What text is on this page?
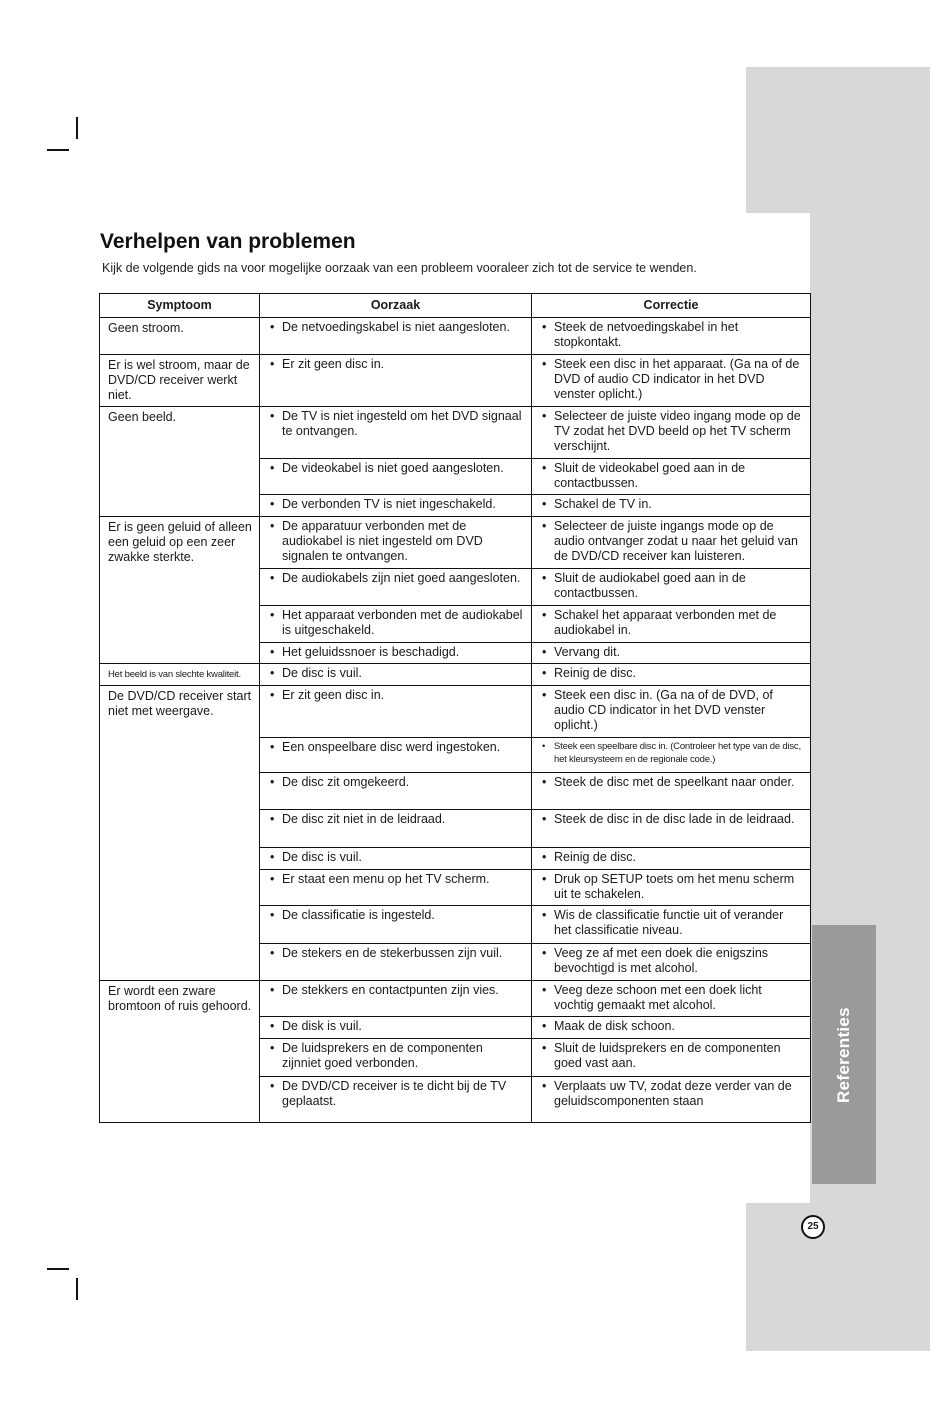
Referenties
Verhelpen van problemen

Kijk de volgende gids na voor mogelijke oorzaak van een probleem vooraleer zich tot de service te wenden.

Symptoom	Oorzaak	Correctie
Geen stroom.	• De netvoedingskabel is niet aangesloten.	• Steek de netvoedingskabel in het stopkontakt.
Er is wel stroom, maar de DVD/CD receiver werkt niet.	• Er zit geen disc in.	• Steek een disc in het apparaat. (Ga na of de DVD of audio CD indicator in het DVD venster oplicht.)
Geen beeld.	• De TV is niet ingesteld om het DVD signaal te ontvangen.	• Selecteer de juiste video ingang mode op de TV zodat het DVD beeld op het TV scherm verschijnt.
	• De videokabel is niet goed aangesloten.	• Sluit de videokabel goed aan in de contactbussen.
	• De verbonden TV is niet ingeschakeld.	• Schakel de TV in.
Er is geen geluid of alleen een geluid op een zeer zwakke sterkte.	• De apparatuur verbonden met de audiokabel is niet ingesteld om DVD signalen te ontvangen.	• Selecteer de juiste ingangs mode op de audio ontvanger zodat u naar het geluid van de DVD/CD receiver kan luisteren.
	• De audiokabels zijn niet goed aangesloten.	• Sluit de audiokabel goed aan in de contactbussen.
	• Het apparaat verbonden met de audiokabel is uitgeschakeld.	• Schakel het apparaat verbonden met de audiokabel in.
	• Het geluidssnoer is beschadigd.	• Vervang dit.
Het beeld is van slechte kwaliteit.	• De disc is vuil.	• Reinig de disc.
De DVD/CD receiver start niet met weergave.	• Er zit geen disc in.	• Steek een disc in. (Ga na of de DVD, of audio CD indicator in het DVD venster oplicht.)
	• Een onspeelbare disc werd ingestoken.	• Steek een speelbare disc in. (Controleer het type van de disc, het kleursysteem en de regionale code.)
	• De disc zit omgekeerd.	• Steek de disc met de speelkant naar onder.
	• De disc zit niet in de leidraad.	• Steek de disc in de disc lade in de leidraad.
	• De disc is vuil.	• Reinig de disc.
	• Er staat een menu op het TV scherm.	• Druk op SETUP toets om het menu scherm uit te schakelen.
	• De classificatie is ingesteld.	• Wis de classificatie functie uit of verander het classificatie niveau.
	• De stekers en de stekerbussen zijn vuil.	• Veeg ze af met een doek die enigszins bevochtigd is met alcohol.
Er wordt een zware bromtoon of ruis gehoord.	• De stekkers en contactpunten zijn vies.	• Veeg deze schoon met een doek licht vochtig gemaakt met alcohol.
	• De disk is vuil.	• Maak de disk schoon.
	• De luidsprekers en de componenten zijnniet goed verbonden.	• Sluit de luidsprekers en de componenten goed vast aan.
	• De DVD/CD receiver is te dicht bij de TV geplaatst.	• Verplaats uw TV, zodat deze verder van de geluidscomponenten staan
25
